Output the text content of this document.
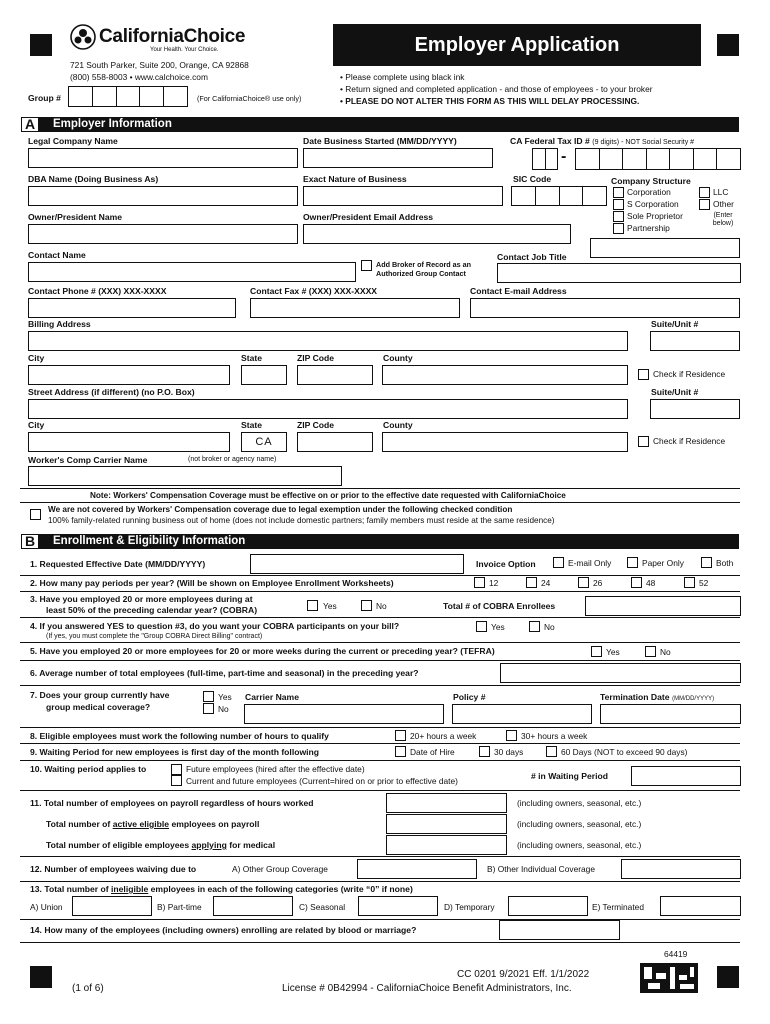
CaliforniaChoice
Your Health. Your Choice.
721 South Parker, Suite 200, Orange, CA 92868
(800) 558-8003 • www.calchoice.com
Group #	(For CaliforniaChoice® use only)
Employer Application
• Please complete using black ink
• Return signed and completed application - and those of employees - to your broker
• PLEASE DO NOT ALTER THIS FORM AS THIS WILL DELAY PROCESSING.
A	Employer Information
Legal Company Name	Date Business Started (MM/DD/YYYY)	CA Federal Tax ID # (9 digits) - NOT Social Security #
-
DBA Name (Doing Business As)	Exact Nature of Business	SIC Code	Company Structure
Corporation	LLC
S Corporation	Other
Sole Proprietor
Partnership
(Enter below)
Owner/President Name	Owner/President Email Address
Contact Name
Add Broker of Record as an Authorized Group Contact
Contact Job Title
Contact Phone # (XXX) XXX-XXXX	Contact Fax # (XXX) XXX-XXXX	Contact E-mail Address
Billing Address	Suite/Unit #
City	State	ZIP Code	County
Check if Residence
Street Address (if different) (no P.O. Box)	Suite/Unit #
City	State
CA
ZIP Code	County
Check if Residence
Worker's Comp Carrier Name	(not broker or agency name)
Note: Workers' Compensation Coverage must be effective on or prior to the effective date requested with CaliforniaChoice
We are not covered by Workers' Compensation coverage due to legal exemption under the following checked condition
100% family-related running business out of home (does not include domestic partners; family members must reside at the same residence)
B	Enrollment & Eligibility Information
1. Requested Effective Date (MM/DD/YYYY)	Invoice Option	E-mail Only	Paper Only	Both
2. How many pay periods per year? (Will be shown on Employee Enrollment Worksheets)	12	24	26	48	52
3. Have you employed 20 or more employees during at
least 50% of the preceding calendar year? (COBRA)	Yes	No	Total # of COBRA Enrollees
4. If you answered YES to question #3, do you want your COBRA participants on your bill?	Yes	No
(If yes, you must complete the "Group COBRA Direct Billing" contract)
5. Have you employed 20 or more employees for 20 or more weeks during the current or preceding year? (TEFRA)	Yes	No
6. Average number of total employees (full-time, part-time and seasonal) in the preceding year?
7. Does your group currently have
group medical coverage?
Yes
No
Carrier Name	Policy #	Termination Date (MM/DD/YYYY)
8. Eligible employees must work the following number of hours to qualify	20+ hours a week	30+ hours a week
9. Waiting Period for new employees is first day of the month following	Date of Hire	30 days	60 Days (NOT to exceed 90 days)
10. Waiting period applies to	Future employees (hired after the effective date)
Current and future employees (Current=hired on or prior to effective date)	# in Waiting Period
11. Total number of employees on payroll regardless of hours worked	(including owners, seasonal, etc.)
Total number of active eligible employees on payroll	(including owners, seasonal, etc.)
Total number of eligible employees applying for medical	(including owners, seasonal, etc.)
12. Number of employees waiving due to	A) Other Group Coverage	B) Other Individual Coverage
13. Total number of ineligible employees in each of the following categories (write “0” if none)
A) Union	B) Part-time	C) Seasonal	D) Temporary	E) Terminated
14. How many of the employees (including owners) enrolling are related by blood or marriage?
64419
(1 of 6)
CC 0201 9/2021 Eff. 1/1/2022
License # 0B42994 - CaliforniaChoice Benefit Administrators, Inc.
